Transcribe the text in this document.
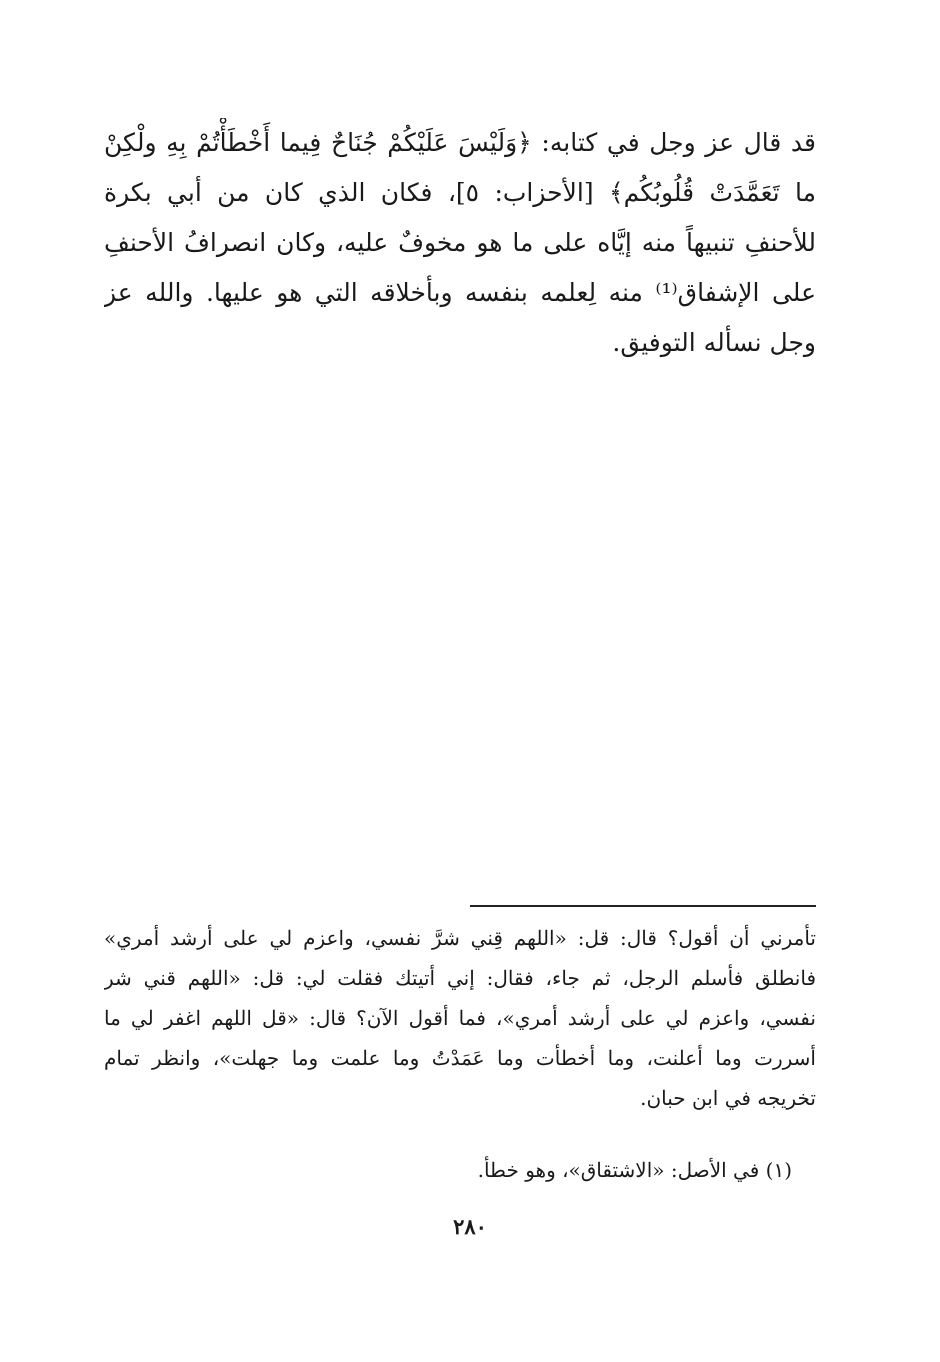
قد قال عز وجل في كتابه: ﴿وَلَيْسَ عَلَيْكُمْ جُنَاحٌ فِيما أَخْطَأْتُمْ بِهِ ولْكِنْ
ما تَعَمَّدَتْ قُلُوبُكُم﴾ [الأحزاب: ٥]، فكان الذي كان من أبي بكرة
للأحنفِ تنبيهاً منه إيَّاه على ما هو مخوفٌ عليه، وكان انصرافُ الأحنفِ
على الإشفاق⁽¹⁾ منه لِعلمه بنفسه وبأخلاقه التي هو عليها. والله عز
وجل نسأله التوفيق.
تأمرني أن أقول؟ قال: قل: «اللهم قِني شرَّ نفسي، واعزم لي على أرشد أمري»
فانطلق فأسلم الرجل، ثم جاء، فقال: إني أتيتك فقلت لي: قل: «اللهم قني شر
نفسي، واعزم لي على أرشد أمري»، فما أقول الآن؟ قال: «قل اللهم اغفر لي ما
أسررت وما أعلنت، وما أخطأت وما عَمَدْتُ وما علمت وما جهلت»، وانظر تمام
تخريجه في ابن حبان.
(١) في الأصل: «الاشتقاق»، وهو خطأ.
٢٨٠
